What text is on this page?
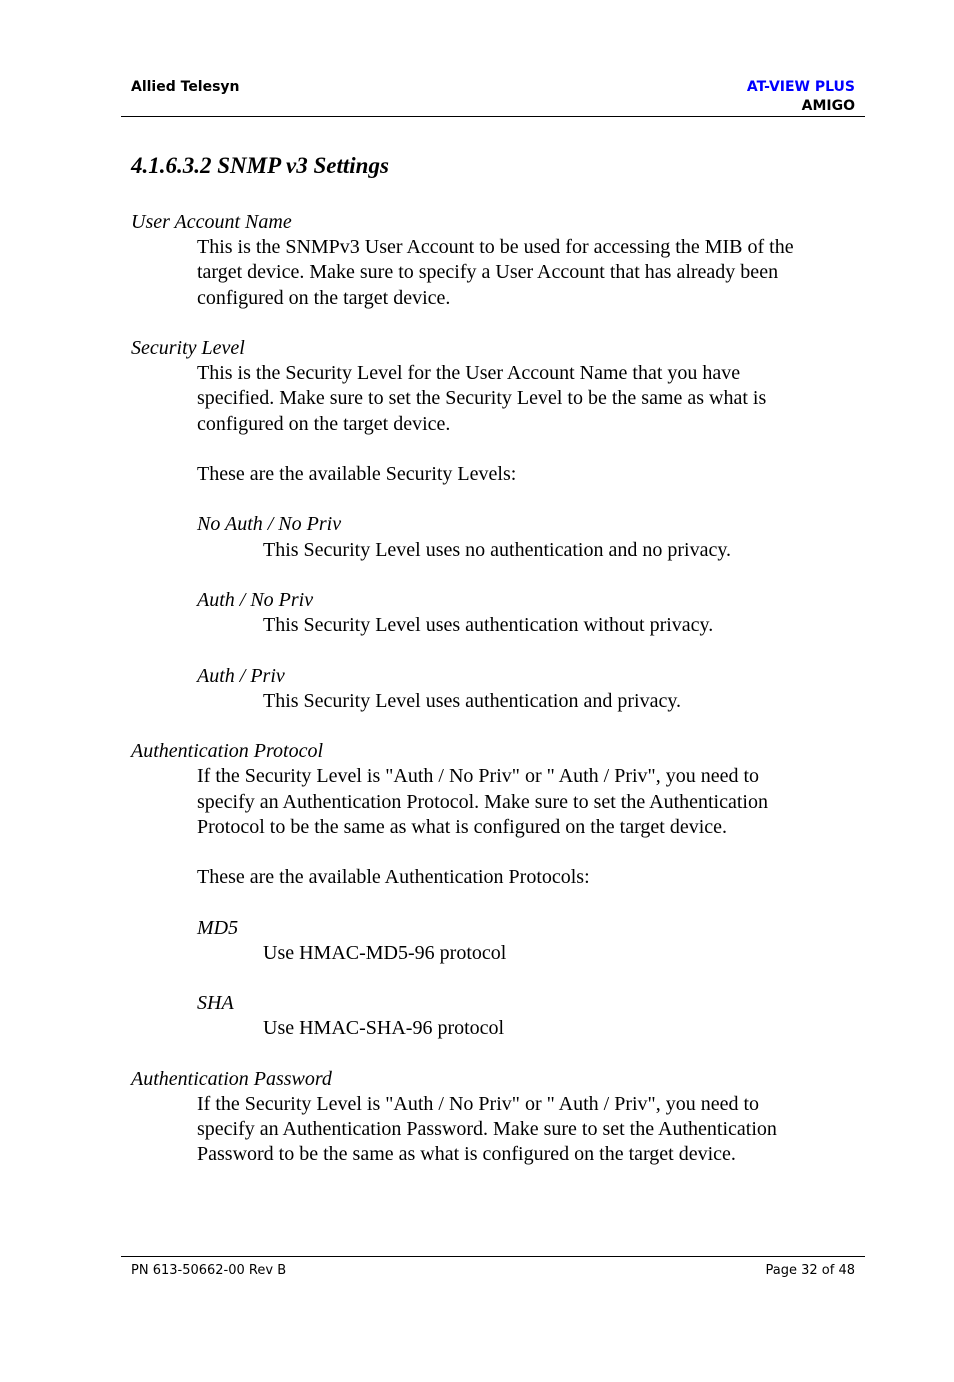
Allied Telesyn	AT-VIEW PLUS
AMIGO
4.1.6.3.2 SNMP v3 Settings
User Account Name
This is the SNMPv3 User Account to be used for accessing the MIB of the
target device. Make sure to specify a User Account that has already been
configured on the target device.
Security Level
This is the Security Level for the User Account Name that you have
specified. Make sure to set the Security Level to be the same as what is
configured on the target device.
These are the available Security Levels:
No Auth / No Priv
This Security Level uses no authentication and no privacy.
Auth / No Priv
This Security Level uses authentication without privacy.
Auth / Priv
This Security Level uses authentication and privacy.
Authentication Protocol
If the Security Level is "Auth / No Priv" or " Auth / Priv", you need to
specify an Authentication Protocol. Make sure to set the Authentication
Protocol to be the same as what is configured on the target device.
These are the available Authentication Protocols:
MD5
Use HMAC-MD5-96 protocol
SHA
Use HMAC-SHA-96 protocol
Authentication Password
If the Security Level is "Auth / No Priv" or " Auth / Priv", you need to
specify an Authentication Password. Make sure to set the Authentication
Password to be the same as what is configured on the target device.
PN 613-50662-00 Rev B	Page 32 of 48
